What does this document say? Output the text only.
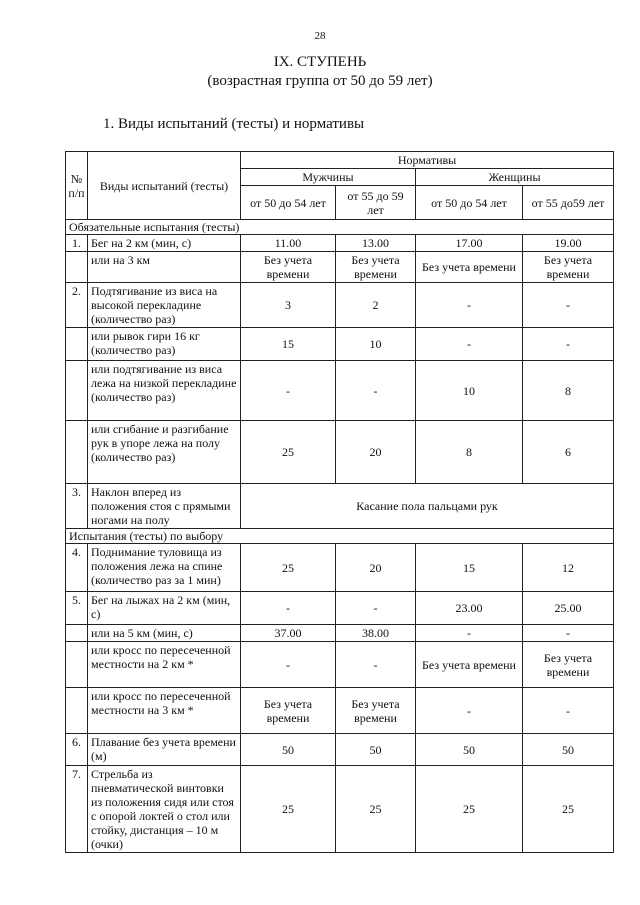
28
IX. СТУПЕНЬ
(возрастная группа от 50 до 59 лет)
1. Виды испытаний (тесты) и нормативы
№ п/п	Виды испытаний (тесты)	Нормативы			
		Мужчины		Женщины	
		от 50 до 54 лет	от 55 до 59 лет	от 50 до 54 лет	от 55 до59 лет
Обязательные испытания (тесты)					
1.	Бег на 2 км (мин, с)	11.00	13.00	17.00	19.00
	или на 3 км	Без учета времени	Без учета времени	Без учета времени	Без учета времени
2.	Подтягивание из виса на высокой перекладине (количество раз)	3	2	-	-
	или рывок гири 16 кг (количество раз)	15	10	-	-
	или подтягивание из виса лежа на низкой перекладине (количество раз)	-	-	10	8
	или сгибание и разгибание рук в упоре лежа на полу (количество раз)	25	20	8	6
3.	Наклон вперед из положения стоя с прямыми ногами на полу	Касание пола пальцами рук			
Испытания (тесты) по выбору					
4.	Поднимание туловища из положения лежа на спине (количество раз за 1 мин)	25	20	15	12
5.	Бег на лыжах на 2 км (мин, с)	-	-	23.00	25.00
	или на 5 км (мин, с)	37.00	38.00	-	-
	или кросс по пересеченной местности на 2 км *	-	-	Без учета времени	Без учета времени
	или кросс по пересеченной местности на 3 км *	Без учета времени	Без учета времени	-	-
6.	Плавание без учета времени (м)	50	50	50	50
7.	Стрельба из пневматической винтовки из положения сидя или стоя с опорой локтей о стол или стойку, дистанция – 10 м (очки)	25	25	25	25
